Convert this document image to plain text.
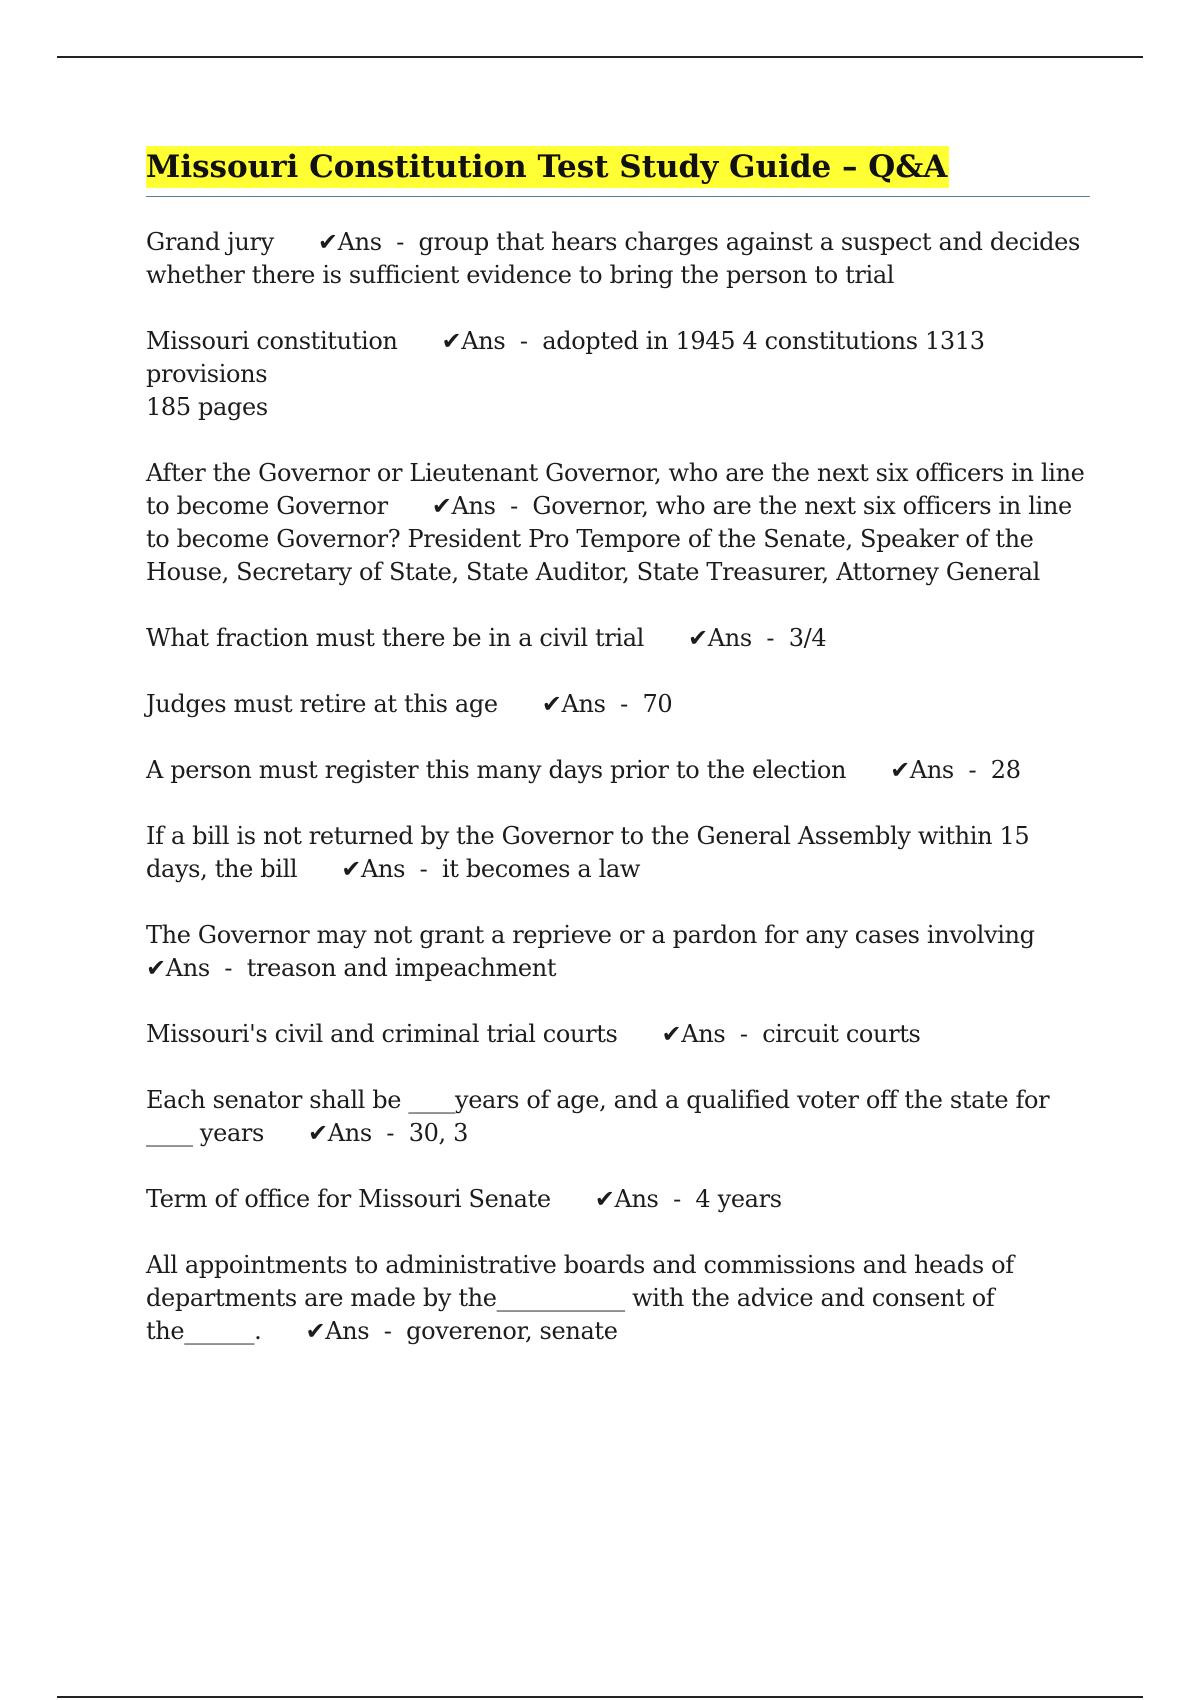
Missouri Constitution Test Study Guide – Q&A

Grand jury ✔Ans  -  group that hears charges against a suspect and decides whether there is sufficient evidence to bring the person to trial

Missouri constitution ✔Ans  -  adopted in 1945 4 constitutions 1313 provisions
185 pages

After the Governor or Lieutenant Governor, who are the next six officers in line to become Governor ✔Ans  -  Governor, who are the next six officers in line to become Governor? President Pro Tempore of the Senate, Speaker of the House, Secretary of State, State Auditor, State Treasurer, Attorney General

What fraction must there be in a civil trial ✔Ans  -  3/4

Judges must retire at this age ✔Ans  -  70

A person must register this many days prior to the election ✔Ans  -  28

If a bill is not returned by the Governor to the General Assembly within 15 days, the bill ✔Ans  -  it becomes a law

The Governor may not grant a reprieve or a pardon for any cases involving✔Ans  -  treason and impeachment

Missouri's civil and criminal trial courts ✔Ans  -  circuit courts

Each senator shall be ____years of age, and a qualified voter off the state for ____ years ✔Ans  -  30, 3

Term of office for Missouri Senate ✔Ans  -  4 years

All appointments to administrative boards and commissions and heads of departments are made by the___________ with the advice and consent of the______. ✔Ans  -  goverenor, senate
